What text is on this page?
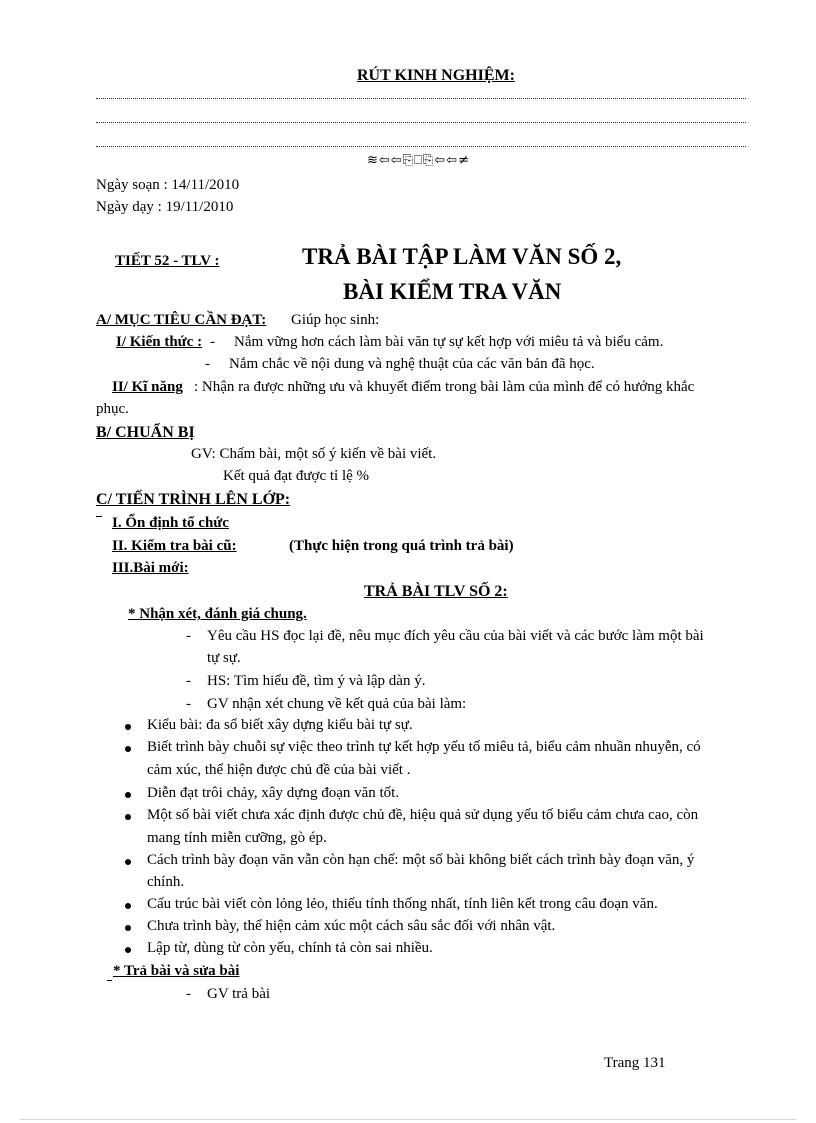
RÚT KINH NGHIỆM:
≋⇦⇦⎘⎕⎘⇦⇦≠
Ngày soạn : 14/11/2010
Ngày dạy : 19/11/2010
TIẾT 52 - TLV :	TRẢ BÀI TẬP LÀM VĂN SỐ 2,
BÀI KIỂM TRA VĂN
A/ MỤC TIÊU CẦN ĐẠT: Giúp học sinh:
I/ Kiến thức : - Nắm vững hơn cách làm bài văn tự sự kết hợp với miêu tả và biểu cảm.
- Nắm chắc về nội dung và nghệ thuật của các văn bản đã học.
II/ Kĩ năng : Nhận ra được những ưu và khuyết điểm trong bài làm của mình để có hướng khắc
phục.
B/ CHUẨN BỊ
GV: Chấm bài, một số ý kiến về bài viết.
Kết quả đạt được tỉ lệ %
C/ TIẾN TRÌNH LÊN LỚP:
I. Ổn định tổ chức
II. Kiểm tra bài cũ:	(Thực hiện trong quá trình trả bài)
III.Bài mới:
TRẢ BÀI TLV SỐ 2:
* Nhận xét, đánh giá chung.
- Yêu cầu HS đọc lại đề, nêu mục đích yêu cầu của bài viết và các bước làm một bài
tự sự.
- HS: Tìm hiểu đề, tìm ý và lập dàn ý.
- GV nhận xét chung về kết quả của bài làm:
Kiểu bài: đa số biết xây dựng kiểu bài tự sự.
Biết trình bày chuỗi sự việc theo trình tự kết hợp yếu tố miêu tả, biểu cảm nhuần nhuyễn, có
cảm xúc, thể hiện được chủ đề của bài viết .
Diễn đạt trôi chảy, xây dựng đoạn văn tốt.
Một số bài viết chưa xác định được chủ đề, hiệu quả sử dụng yếu tố biểu cảm chưa cao, còn
mang tính miễn cưỡng, gò ép.
Cách trình bày đoạn văn vẫn còn hạn chế: một số bài không biết cách trình bày đoạn văn, ý
chính.
Cấu trúc bài viết còn lỏng lẻo, thiếu tính thống nhất, tính liên kết trong câu đoạn văn.
Chưa trình bày, thể hiện cảm xúc một cách sâu sắc đối với nhân vật.
Lập từ, dùng từ còn yếu, chính tả còn sai nhiều.
* Trả bài và sửa bài
- GV trả bài
Trang 131
